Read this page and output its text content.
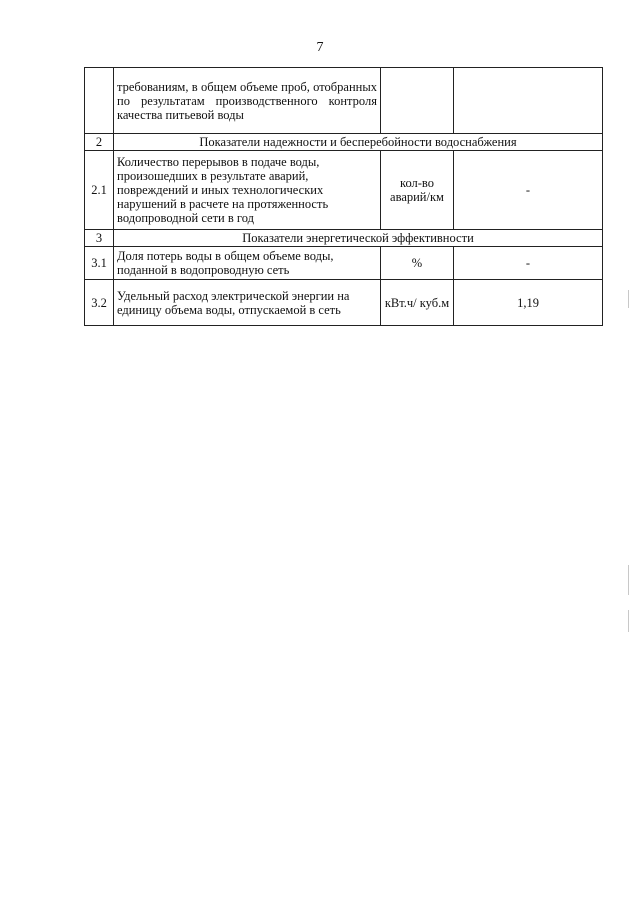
7
	требованиям, в общем объеме проб, отобранных по результатам производственного контроля качества питьевой воды		
2	Показатели надежности и бесперебойности водоснабжения		
2.1	Количество перерывов в подаче воды, произошедших в результате аварий, повреждений и иных технологических нарушений в расчете на протяженность водопроводной сети в год	кол-во аварий/км	-
3	Показатели энергетической эффективности		
3.1	Доля потерь воды в общем объеме воды, поданной в водопроводную сеть	%	-
3.2	Удельный расход электрической энергии на единицу объема воды, отпускаемой в сеть	кВт.ч/ куб.м	1,19
